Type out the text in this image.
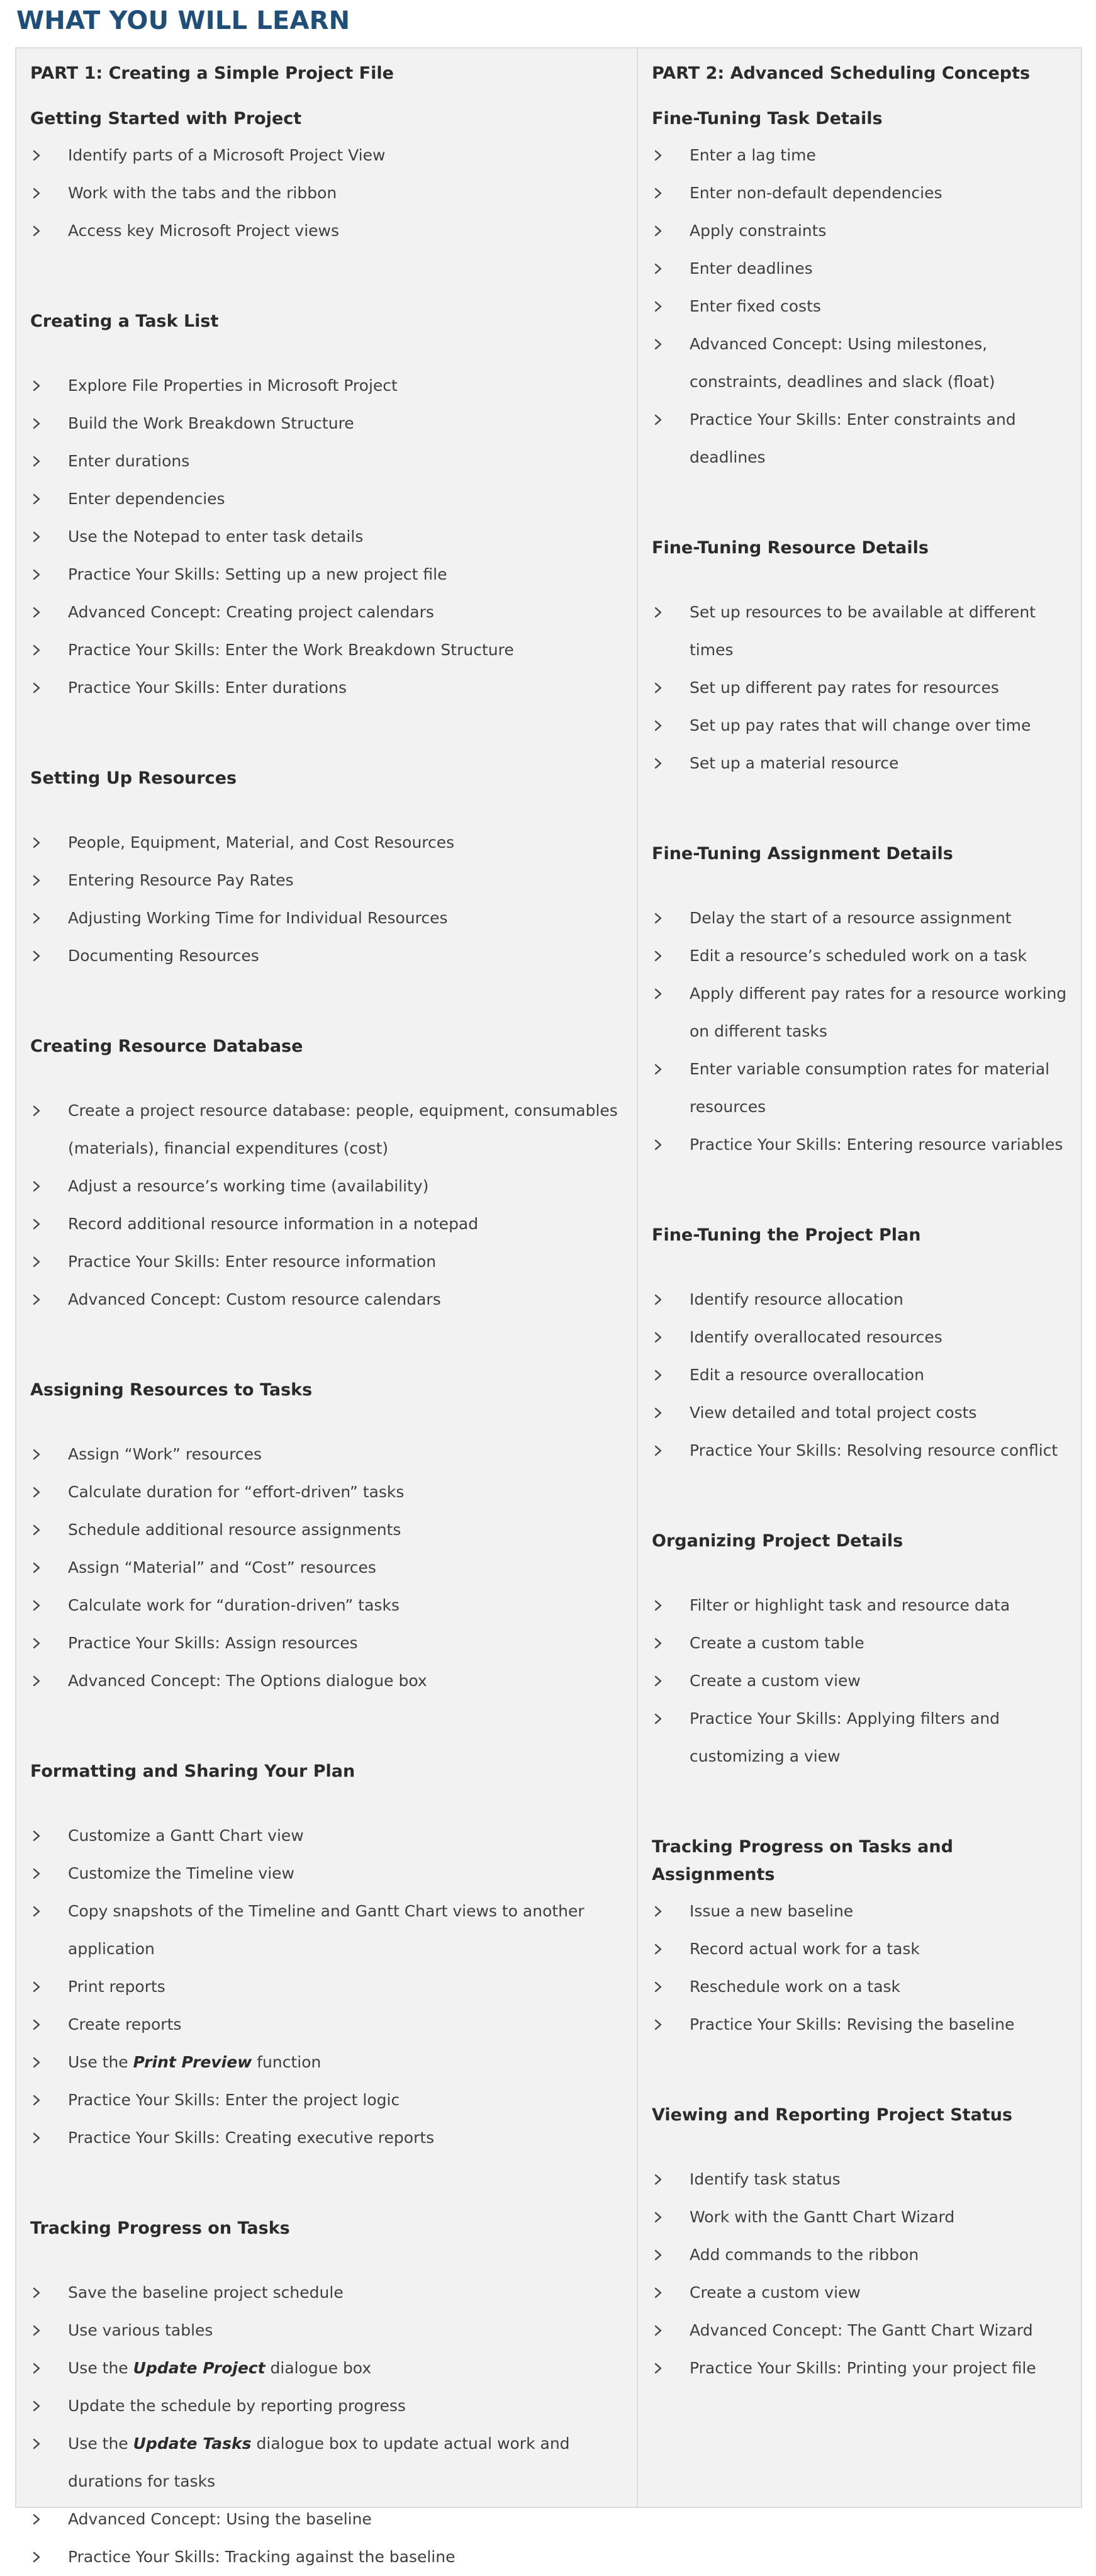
WHAT YOU WILL LEARN
PART 1: Creating a Simple Project File
Getting Started with Project
Identify parts of a Microsoft Project View
Work with the tabs and the ribbon
Access key Microsoft Project views
Creating a Task List
Explore File Properties in Microsoft Project
Build the Work Breakdown Structure
Enter durations
Enter dependencies
Use the Notepad to enter task details
Practice Your Skills: Setting up a new project file
Advanced Concept: Creating project calendars
Practice Your Skills: Enter the Work Breakdown Structure
Practice Your Skills: Enter durations
Setting Up Resources
People, Equipment, Material, and Cost Resources
Entering Resource Pay Rates
Adjusting Working Time for Individual Resources
Documenting Resources
Creating Resource Database
Create a project resource database: people, equipment, consumables (materials), financial expenditures (cost)
Adjust a resource’s working time (availability)
Record additional resource information in a notepad
Practice Your Skills: Enter resource information
Advanced Concept: Custom resource calendars
Assigning Resources to Tasks
Assign “Work” resources
Calculate duration for “effort-driven” tasks
Schedule additional resource assignments
Assign “Material” and “Cost” resources
Calculate work for “duration-driven” tasks
Practice Your Skills: Assign resources
Advanced Concept: The Options dialogue box
Formatting and Sharing Your Plan
Customize a Gantt Chart view
Customize the Timeline view
Copy snapshots of the Timeline and Gantt Chart views to another application
Print reports
Create reports
Use the Print Preview function
Practice Your Skills: Enter the project logic
Practice Your Skills: Creating executive reports
Tracking Progress on Tasks
Save the baseline project schedule
Use various tables
Use the Update Project dialogue box
Update the schedule by reporting progress
Use the Update Tasks dialogue box to update actual work and durations for tasks
Advanced Concept: Using the baseline
Practice Your Skills: Tracking against the baseline
PART 2: Advanced Scheduling Concepts
Fine-Tuning Task Details
Enter a lag time
Enter non-default dependencies
Apply constraints
Enter deadlines
Enter fixed costs
Advanced Concept: Using milestones, constraints, deadlines and slack (float)
Practice Your Skills: Enter constraints and deadlines
Fine-Tuning Resource Details
Set up resources to be available at different times
Set up different pay rates for resources
Set up pay rates that will change over time
Set up a material resource
Fine-Tuning Assignment Details
Delay the start of a resource assignment
Edit a resource’s scheduled work on a task
Apply different pay rates for a resource working on different tasks
Enter variable consumption rates for material resources
Practice Your Skills: Entering resource variables
Fine-Tuning the Project Plan
Identify resource allocation
Identify overallocated resources
Edit a resource overallocation
View detailed and total project costs
Practice Your Skills: Resolving resource conflict
Organizing Project Details
Filter or highlight task and resource data
Create a custom table
Create a custom view
Practice Your Skills: Applying filters and customizing a view
Tracking Progress on Tasks and Assignments
Issue a new baseline
Record actual work for a task
Reschedule work on a task
Practice Your Skills: Revising the baseline
Viewing and Reporting Project Status
Identify task status
Work with the Gantt Chart Wizard
Add commands to the ribbon
Create a custom view
Advanced Concept: The Gantt Chart Wizard
Practice Your Skills: Printing your project file
